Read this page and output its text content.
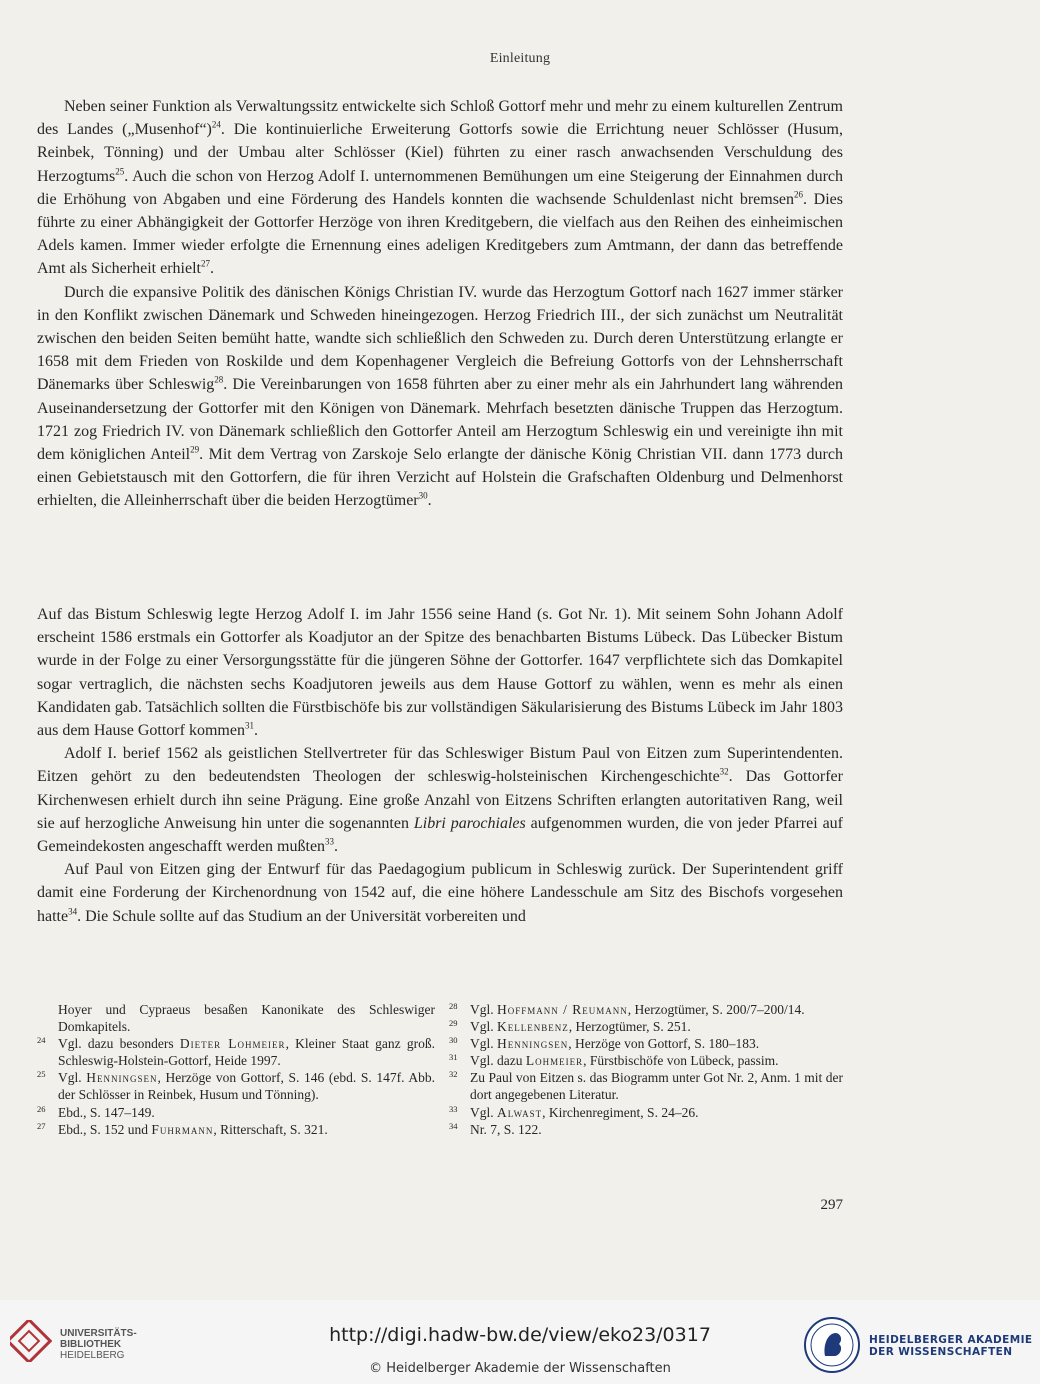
Einleitung

Neben seiner Funktion als Verwaltungssitz entwickelte sich Schloß Gottorf mehr und mehr zu einem kulturellen Zentrum des Landes („Musenhof“)$^{24}$. Die kontinuierliche Erweiterung Gottorfs sowie die Errichtung neuer Schlösser (Husum, Reinbek, Tönning) und der Umbau alter Schlösser (Kiel) führten zu einer rasch anwachsenden Verschuldung des Herzogtums$^{25}$. Auch die schon von Herzog Adolf I. unternommenen Bemühungen um eine Steigerung der Einnahmen durch die Erhöhung von Abgaben und eine Förderung des Handels konnten die wachsende Schuldenlast nicht bremsen$^{26}$. Dies führte zu einer Abhängigkeit der Gottorfer Herzöge von ihren Kreditgebern, die vielfach aus den Reihen des einheimischen Adels kamen. Immer wieder erfolgte die Ernennung eines adeligen Kreditgebers zum Amtmann, der dann das betreffende Amt als Sicherheit erhielt$^{27}$.

Durch die expansive Politik des dänischen Königs Christian IV. wurde das Herzogtum Gottorf nach 1627 immer stärker in den Konflikt zwischen Dänemark und Schweden hineingezogen. Herzog Friedrich III., der sich zunächst um Neutralität zwischen den beiden Seiten bemüht hatte, wandte sich schließlich den Schweden zu. Durch deren Unterstützung erlangte er 1658 mit dem Frieden von Roskilde und dem Kopenhagener Vergleich die Befreiung Gottorfs von der Lehnsherrschaft Dänemarks über Schleswig$^{28}$. Die Vereinbarungen von 1658 führten aber zu einer mehr als ein Jahrhundert lang währenden Auseinandersetzung der Gottorfer mit den Königen von Dänemark. Mehrfach besetzten dänische Truppen das Herzogtum. 1721 zog Friedrich IV. von Dänemark schließlich den Gottorfer Anteil am Herzogtum Schleswig ein und vereinigte ihn mit dem königlichen Anteil$^{29}$. Mit dem Vertrag von Zarskoje Selo erlangte der dänische König Christian VII. dann 1773 durch einen Gebietstausch mit den Gottorfern, die für ihren Verzicht auf Holstein die Grafschaften Oldenburg und Delmenhorst erhielten, die Alleinherrschaft über die beiden Herzogtümer$^{30}$.

Auf das Bistum Schleswig legte Herzog Adolf I. im Jahr 1556 seine Hand (s. Got Nr. 1). Mit seinem Sohn Johann Adolf erscheint 1586 erstmals ein Gottorfer als Koadjutor an der Spitze des benachbarten Bistums Lübeck. Das Lübecker Bistum wurde in der Folge zu einer Versorgungsstätte für die jüngeren Söhne der Gottorfer. 1647 verpflichtete sich das Domkapitel sogar vertraglich, die nächsten sechs Koadjutoren jeweils aus dem Hause Gottorf zu wählen, wenn es mehr als einen Kandidaten gab. Tatsächlich sollten die Fürstbischöfe bis zur vollständigen Säkularisierung des Bistums Lübeck im Jahr 1803 aus dem Hause Gottorf kommen$^{31}$.

Adolf I. berief 1562 als geistlichen Stellvertreter für das Schleswiger Bistum Paul von Eitzen zum Superintendenten. Eitzen gehört zu den bedeutendsten Theologen der schleswig-holsteinischen Kirchengeschichte$^{32}$. Das Gottorfer Kirchenwesen erhielt durch ihn seine Prägung. Eine große Anzahl von Eitzens Schriften erlangten autoritativen Rang, weil sie auf herzogliche Anweisung hin unter die sogenannten Libri parochiales aufgenommen wurden, die von jeder Pfarrei auf Gemeindekosten angeschafft werden mußten$^{33}$.

Auf Paul von Eitzen ging der Entwurf für das Paedagogium publicum in Schleswig zurück. Der Superintendent griff damit eine Forderung der Kirchenordnung von 1542 auf, die eine höhere Landesschule am Sitz des Bischofs vorgesehen hatte$^{34}$. Die Schule sollte auf das Studium an der Universität vorbereiten und

Hoyer und Cypraeus besaßen Kanonikate des Schleswiger Domkapitels.
24 Vgl. dazu besonders Dieter Lohmeier, Kleiner Staat ganz groß. Schleswig-Holstein-Gottorf, Heide 1997.
25 Vgl. Henningsen, Herzöge von Gottorf, S. 146 (ebd. S. 147f. Abb. der Schlösser in Reinbek, Husum und Tönning).
26 Ebd., S. 147–149.
27 Ebd., S. 152 und Fuhrmann, Ritterschaft, S. 321.
28 Vgl. Hoffmann / Reumann, Herzogtümer, S. 200/7–200/14.
29 Vgl. Kellenbenz, Herzogtümer, S. 251.
30 Vgl. Henningsen, Herzöge von Gottorf, S. 180–183.
31 Vgl. dazu Lohmeier, Fürstbischöfe von Lübeck, passim.
32 Zu Paul von Eitzen s. das Biogramm unter Got Nr. 2, Anm. 1 mit der dort angegebenen Literatur.
33 Vgl. Alwast, Kirchenregiment, S. 24–26.
34 Nr. 7, S. 122.
297
UNIVERSITÄTS-
BIBLIOTHEK
HEIDELBERG
http://digi.hadw-bw.de/view/eko23/0317
© Heidelberger Akademie der Wissenschaften
HEIDELBERGER AKADEMIE
DER WISSENSCHAFTEN
